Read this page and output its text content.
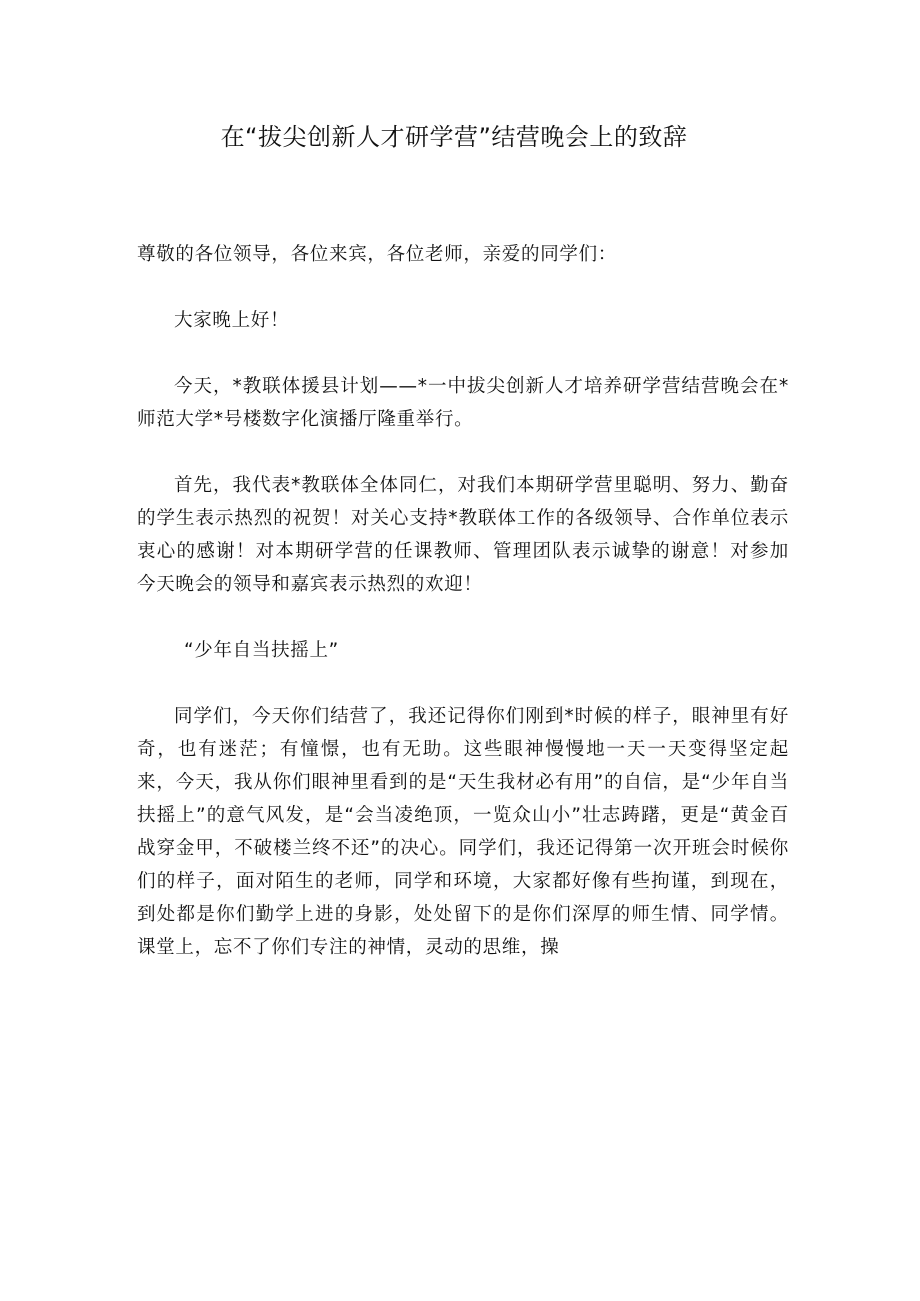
在“拔尖创新人才研学营”结营晚会上的致辞

尊敬的各位领导，各位来宾，各位老师，亲爱的同学们：

大家晚上好！

今天，*教联体援县计划——*一中拔尖创新人才培养研学营结营晚会在*师范大学*号楼数字化演播厅隆重举行。

首先，我代表*教联体全体同仁，对我们本期研学营里聪明、努力、勤奋的学生表示热烈的祝贺！对关心支持*教联体工作的各级领导、合作单位表示衷心的感谢！对本期研学营的任课教师、管理团队表示诚挚的谢意！对参加今天晚会的领导和嘉宾表示热烈的欢迎！

“少年自当扶摇上”

同学们，今天你们结营了，我还记得你们刚到*时候的样子，眼神里有好奇，也有迷茫；有憧憬，也有无助。这些眼神慢慢地一天一天变得坚定起来，今天，我从你们眼神里看到的是“天生我材必有用”的自信，是“少年自当扶摇上”的意气风发，是“会当凌绝顶，一览众山小”壮志踌躇，更是“黄金百战穿金甲，不破楼兰终不还”的决心。同学们，我还记得第一次开班会时候你们的样子，面对陌生的老师，同学和环境，大家都好像有些拘谨，到现在，到处都是你们勤学上进的身影，处处留下的是你们深厚的师生情、同学情。课堂上，忘不了你们专注的神情，灵动的思维，操
